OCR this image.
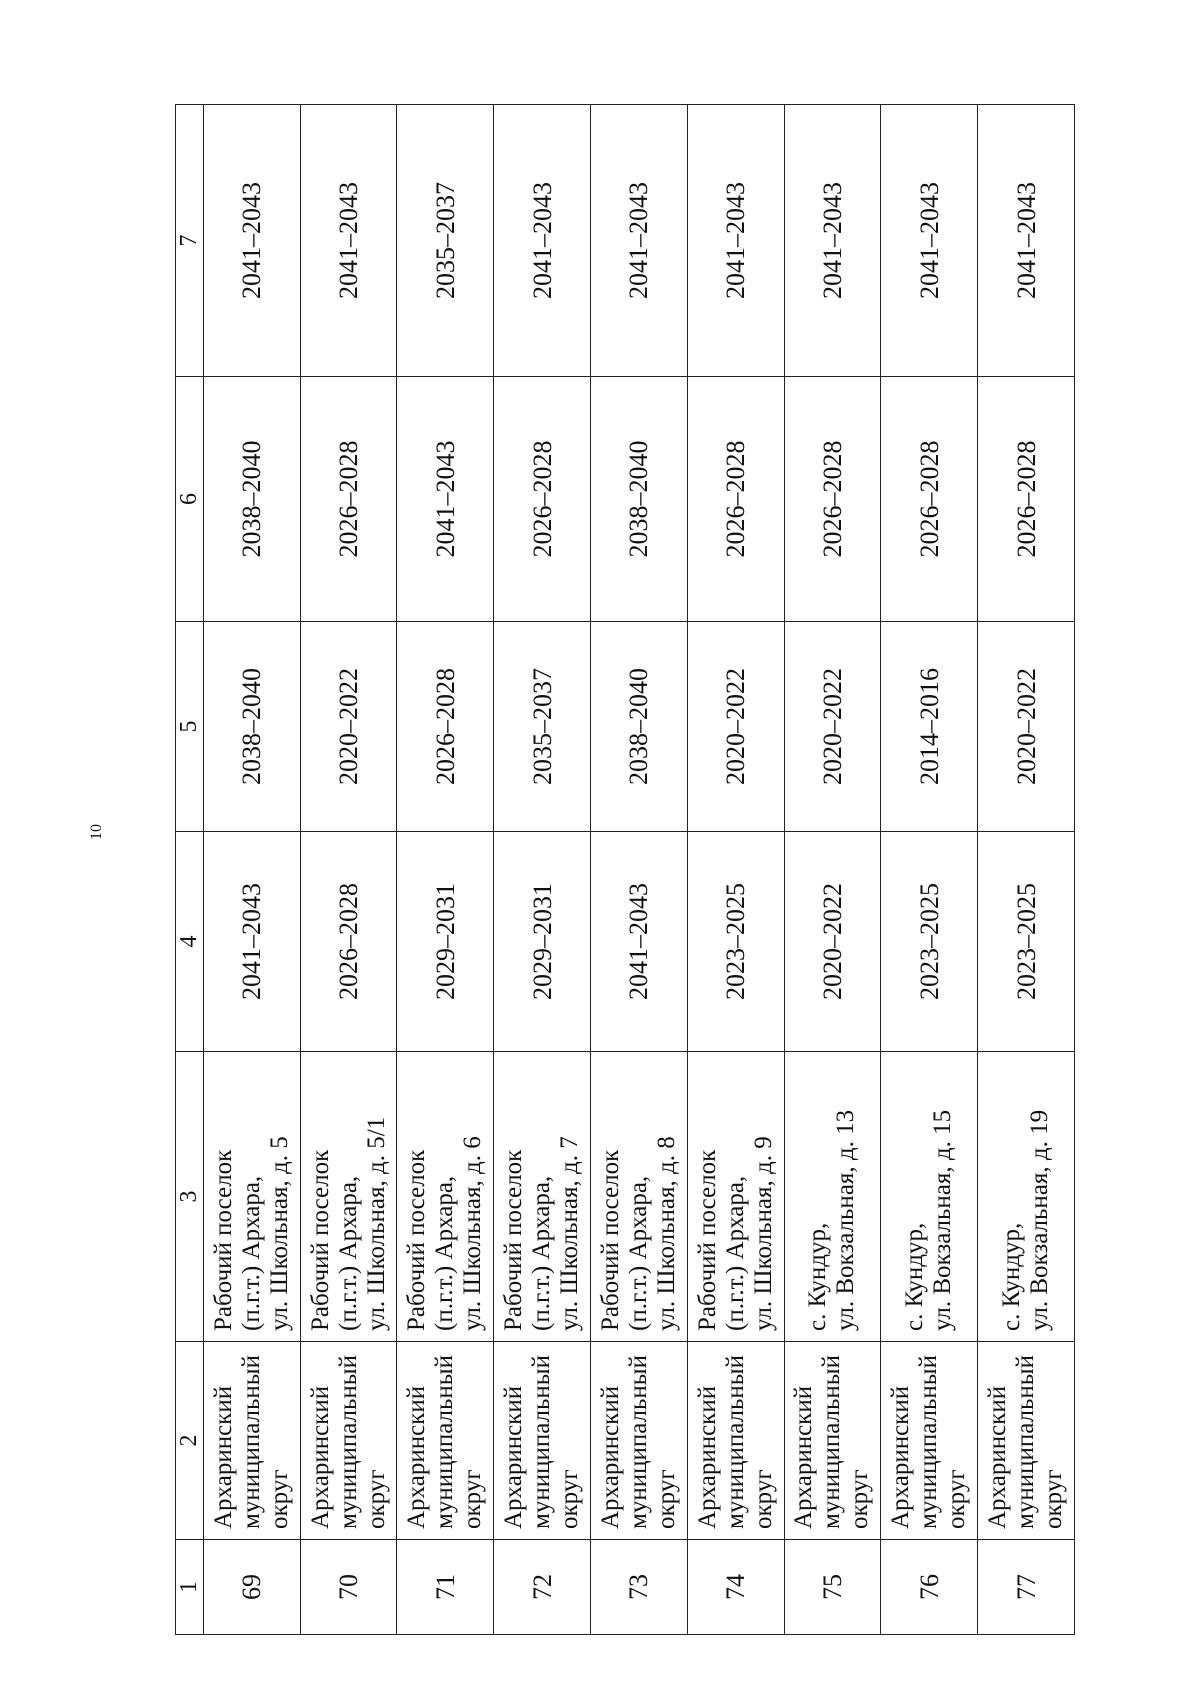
10
1	2	3	4	5	6	7
69	Архаринский муниципальный округ	Рабочий поселок (п.г.т.) Архара, ул. Школьная, д. 5	2041–2043	2038–2040	2038–2040	2041–2043
70	Архаринский муниципальный округ	Рабочий поселок (п.г.т.) Архара, ул. Школьная, д. 5/1	2026–2028	2020–2022	2026–2028	2041–2043
71	Архаринский муниципальный округ	Рабочий поселок (п.г.т.) Архара, ул. Школьная, д. 6	2029–2031	2026–2028	2041–2043	2035–2037
72	Архаринский муниципальный округ	Рабочий поселок (п.г.т.) Архара, ул. Школьная, д. 7	2029–2031	2035–2037	2026–2028	2041–2043
73	Архаринский муниципальный округ	Рабочий поселок (п.г.т.) Архара, ул. Школьная, д. 8	2041–2043	2038–2040	2038–2040	2041–2043
74	Архаринский муниципальный округ	Рабочий поселок (п.г.т.) Архара, ул. Школьная, д. 9	2023–2025	2020–2022	2026–2028	2041–2043
75	Архаринский муниципальный округ	с. Кундур, ул. Вокзальная, д. 13	2020–2022	2020–2022	2026–2028	2041–2043
76	Архаринский муниципальный округ	с. Кундур, ул. Вокзальная, д. 15	2023–2025	2014–2016	2026–2028	2041–2043
77	Архаринский муниципальный округ	с. Кундур, ул. Вокзальная, д. 19	2023–2025	2020–2022	2026–2028	2041–2043
